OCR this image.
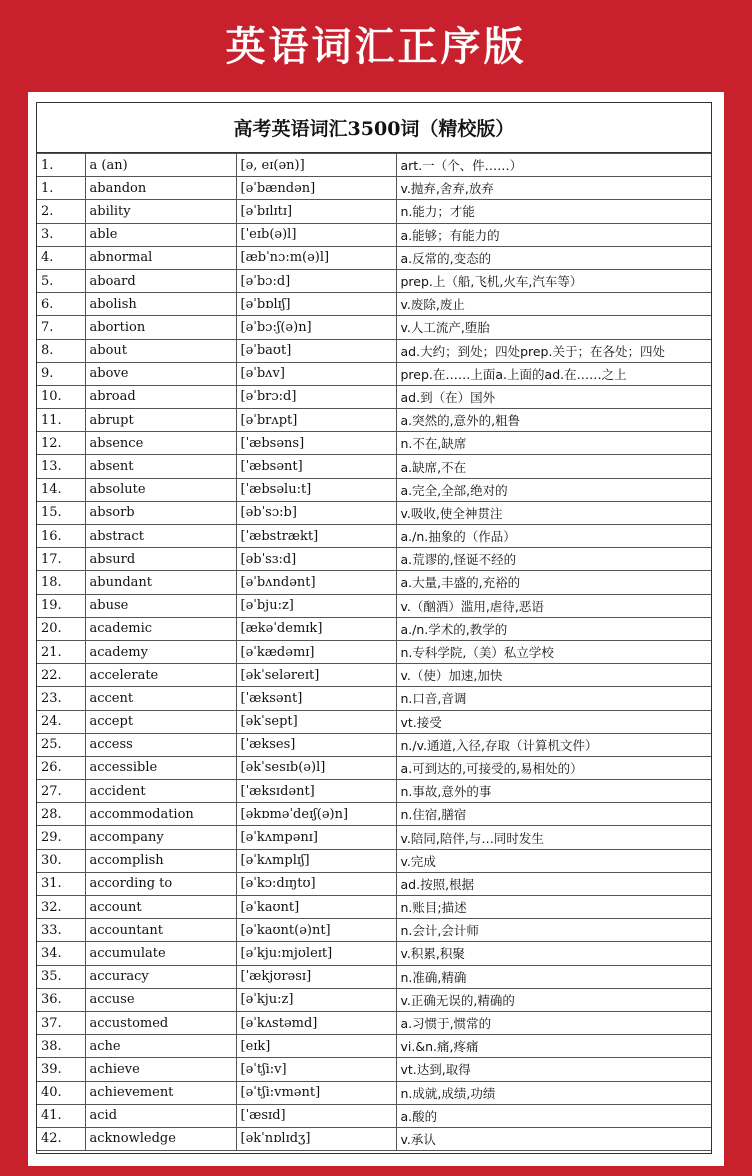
英语词汇正序版
高考英语词汇3500词（精校版）
1.	a (an)	[ə, eɪ(ən)]	art.一（个、件……）
1.	abandon	[əˈbændən]	v.抛弃,舍弃,放弃
2.	ability	[əˈbɪlɪtɪ]	n.能力；才能
3.	able	[ˈeɪb(ə)l]	a.能够；有能力的
4.	abnormal	[æbˈnɔ:m(ə)l]	a.反常的,变态的
5.	aboard	[əˈbɔ:d]	prep.上（船,飞机,火车,汽车等）
6.	abolish	[əˈbɒlɪʃ]	v.废除,废止
7.	abortion	[əˈbɔ:ʃ(ə)n]	v.人工流产,堕胎
8.	about	[əˈbaʊt]	ad.大约；到处；四处prep.关于；在各处；四处
9.	above	[əˈbʌv]	prep.在……上面a.上面的ad.在……之上
10.	abroad	[əˈbrɔ:d]	ad.到（在）国外
11.	abrupt	[əˈbrʌpt]	a.突然的,意外的,粗鲁
12.	absence	[ˈæbsəns]	n.不在,缺席
13.	absent	[ˈæbsənt]	a.缺席,不在
14.	absolute	[ˈæbsəlu:t]	a.完全,全部,绝对的
15.	absorb	[əbˈsɔ:b]	v.吸收,使全神贯注
16.	abstract	[ˈæbstrækt]	a./n.抽象的（作品）
17.	absurd	[əbˈsɜ:d]	a.荒谬的,怪诞不经的
18.	abundant	[əˈbʌndənt]	a.大量,丰盛的,充裕的
19.	abuse	[əˈbju:z]	v.（酗酒）滥用,虐待,恶语
20.	academic	[ækəˈdemɪk]	a./n.学术的,教学的
21.	academy	[əˈkædəmɪ]	n.专科学院,（美）私立学校
22.	accelerate	[əkˈseləreɪt]	v.（使）加速,加快
23.	accent	[ˈæksənt]	n.口音,音调
24.	accept	[əkˈsept]	vt.接受
25.	access	[ˈækses]	n./v.通道,入径,存取（计算机文件）
26.	accessible	[əkˈsesɪb(ə)l]	a.可到达的,可接受的,易相处的）
27.	accident	[ˈæksɪdənt]	n.事故,意外的事
28.	accommodation	[əkɒməˈdeɪʃ(ə)n]	n.住宿,膳宿
29.	accompany	[əˈkʌmpənɪ]	v.陪同,陪伴,与…同时发生
30.	accomplish	[əˈkʌmplɪʃ]	v.完成
31.	according to	[əˈkɔ:dɪŋtʊ]	ad.按照,根据
32.	account	[əˈkaʊnt]	n.账目;描述
33.	accountant	[əˈkaʊnt(ə)nt]	n.会计,会计师
34.	accumulate	[əˈkju:mjʊleɪt]	v.积累,积聚
35.	accuracy	[ˈækjʊrəsɪ]	n.准确,精确
36.	accuse	[əˈkju:z]	v.正确无误的,精确的
37.	accustomed	[əˈkʌstəmd]	a.习惯于,惯常的
38.	ache	[eɪk]	vi.&n.痛,疼痛
39.	achieve	[əˈtʃi:v]	vt.达到,取得
40.	achievement	[əˈtʃi:vmənt]	n.成就,成绩,功绩
41.	acid	[ˈæsɪd]	a.酸的
42.	acknowledge	[əkˈnɒlɪdʒ]	v.承认
